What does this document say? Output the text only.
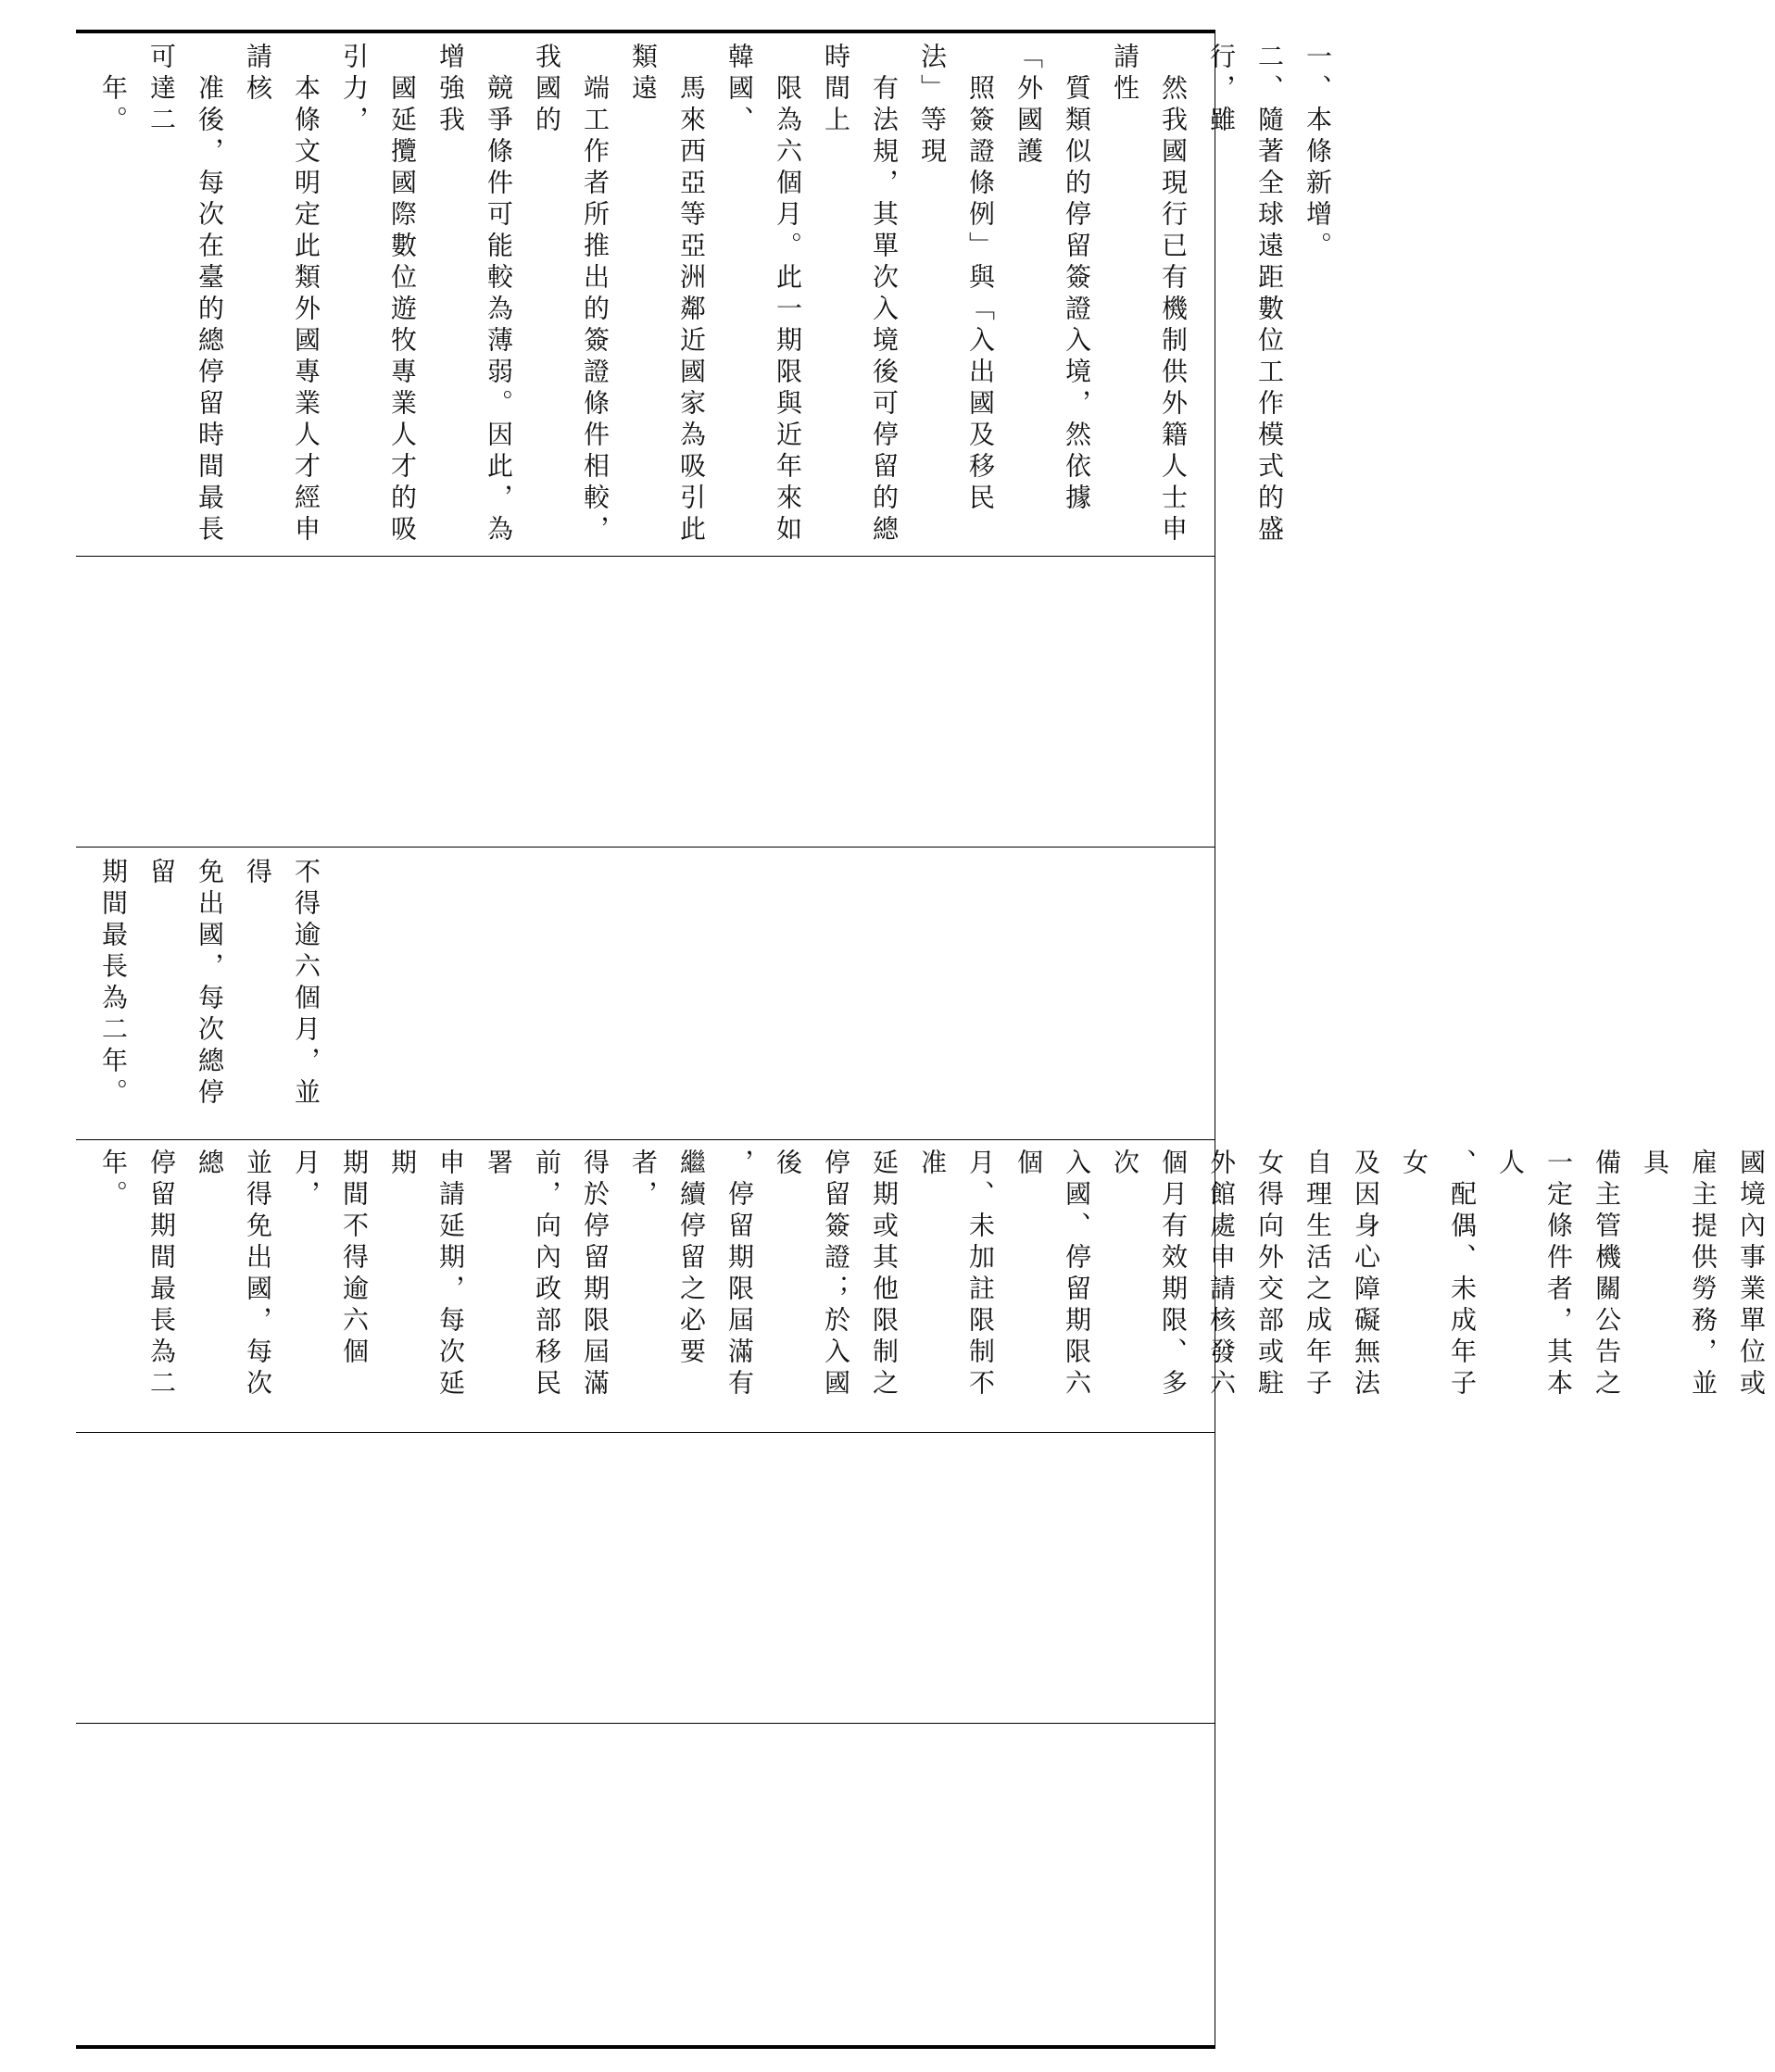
一、本條新增。
二、隨著全球遠距數位工作模式的盛行，雖
　然我國現行已有機制供外籍人士申請性
　質類似的停留簽證入境，然依據「外國護
　照簽證條例」與「入出國及移民法」等現
　有法規，其單次入境後可停留的總時間上
　限為六個月。此一期限與近年來如韓國、
　馬來西亞等亞洲鄰近國家為吸引此類遠
　端工作者所推出的簽證條件相較，我國的
　競爭條件可能較為薄弱。因此，為增強我
　國延攬國際數位遊牧專業人才的吸引力，
　本條文明定此類外國專業人才經申請核
　准後，每次在臺的總停留時間最長可達二
　年。
不得逾六個月，並得
免出國，每次總停留
期間最長為二年。
國境內事業單位或
雇主提供勞務，並具
備主管機關公告之
一定條件者，其本人
、配偶、未成年子女
及因身心障礙無法
自理生活之成年子
女得向外交部或駐
外館處申請核發六
個月有效期限、多次
入國、停留期限六個
月、未加註限制不准
延期或其他限制之
停留簽證；於入國後
，停留期限屆滿有
繼續停留之必要者，
得於停留期限屆滿
前，向內政部移民署
申請延期，每次延期
期間不得逾六個月，
並得免出國，每次總
停留期間最長為二
年。
